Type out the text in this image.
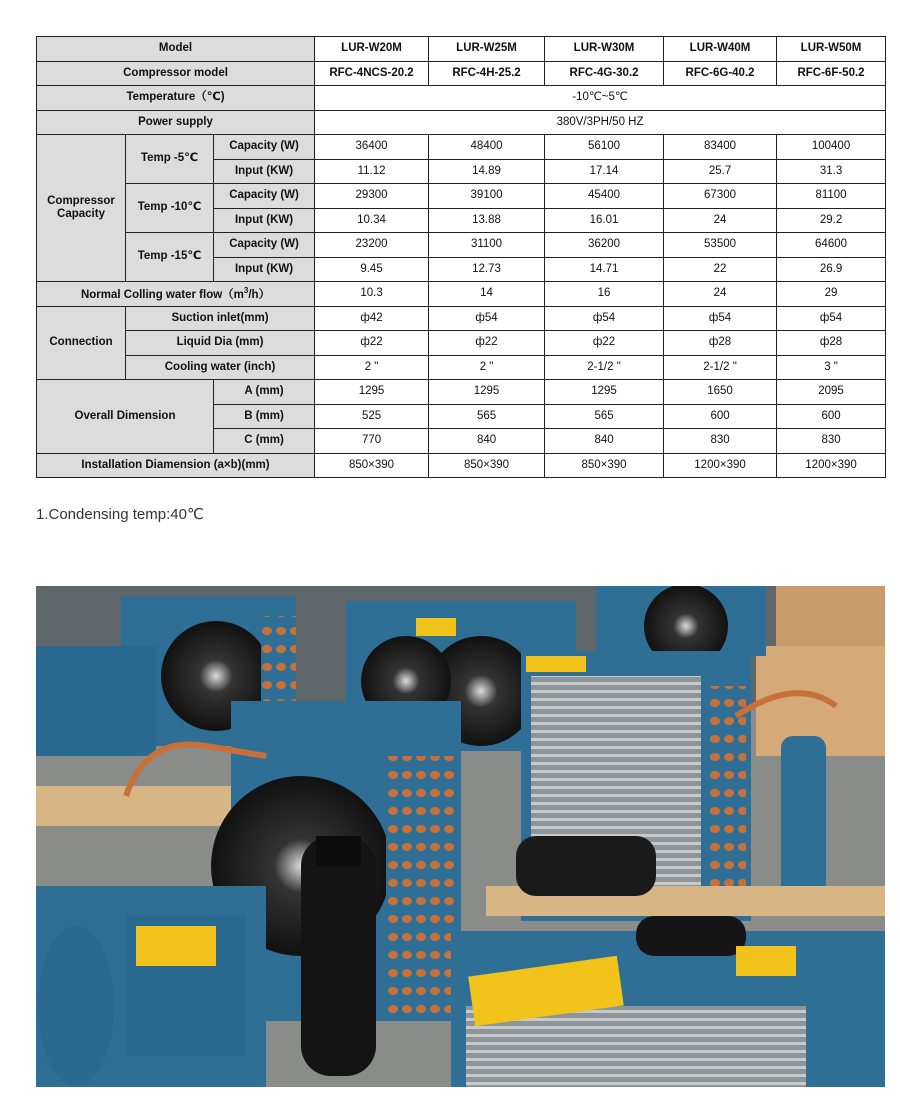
Model			LUR-W20M	LUR-W25M	LUR-W30M	LUR-W40M	LUR-W50M
Compressor model			RFC-4NCS-20.2	RFC-4H-25.2	RFC-4G-30.2	RFC-6G-40.2	RFC-6F-50.2
Temperature（℃)			-10℃~5℃				
Power supply			380V/3PH/50 HZ				
Compressor Capacity	Temp -5℃	Capacity (W)	36400	48400	56100	83400	100400
		Input (KW)	11.12	14.89	17.14	25.7	31.3
	Temp -10℃	Capacity (W)	29300	39100	45400	67300	81100
		Input (KW)	10.34	13.88	16.01	24	29.2
	Temp -15℃	Capacity (W)	23200	31100	36200	53500	64600
		Input (KW)	9.45	12.73	14.71	22	26.9
Normal Colling water $flow(m^3/h)$			10.3	14	16	24	29
Connection	Suction inlet(mm)		ф42	ф54	ф54	ф54	ф54
	Liquid Dia (mm)		ф22	ф22	ф22	ф28	ф28
	Cooling water (inch)		2 "	2 "	2-1/2 "	2-1/2 "	3 "
Overall Dimension		A (mm)	1295	1295	1295	1650	2095
		B (mm)	525	565	565	600	600
		C (mm)	770	840	840	830	830
Installation Diamension (a×b)(mm)			850×390	850×390	850×390	1200×390	1200×390
1.Condensing temp:40℃
